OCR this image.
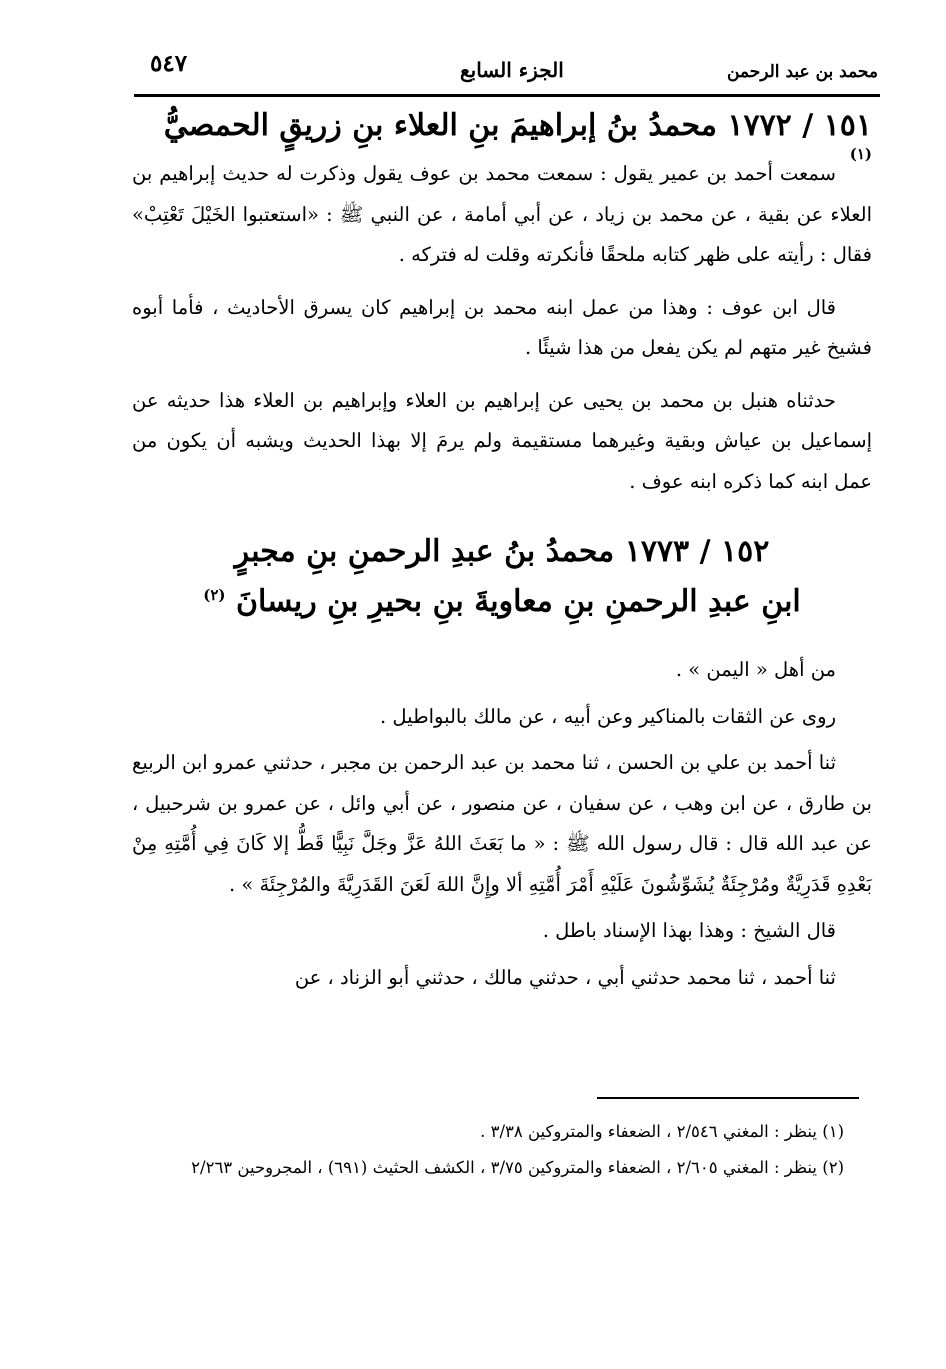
محمد بن عبد الرحمن
الجزء السابع
٥٤٧
١٥١ / ١٧٧٢ محمدُ بنُ إبراهيمَ بنِ العلاء بنِ زريقٍ الحمصيُّ $^{(١)}$

سمعت أحمد بن عمير يقول : سمعت محمد بن عوف يقول وذكرت له حديث إبراهيم بن العلاء عن بقية ، عن محمد بن زياد ، عن أبي أمامة ، عن النبي ﷺ : «استعتبوا الخَيْلَ تَعْتِبْ» فقال : رأيته على ظهر كتابه ملحقًا فأنكرته وقلت له فتركه .

قال ابن عوف : وهذا من عمل ابنه محمد بن إبراهيم كان يسرق الأحاديث ، فأما أبوه فشيخ غير متهم لم يكن يفعل من هذا شيئًا .

حدثناه هنبل بن محمد بن يحيى عن إبراهيم بن العلاء وإبراهيم بن العلاء هذا حديثه عن إسماعيل بن عياش وبقية وغيرهما مستقيمة ولم يرمَ إلا بهذا الحديث ويشبه أن يكون من عمل ابنه كما ذكره ابنه عوف .

١٥٢ / ١٧٧٣ محمدُ بنُ عبدِ الرحمنِ بنِ مجبرٍ
ابنِ عبدِ الرحمنِ بنِ معاويةَ بنِ بحيرِ بنِ ريسانَ $^{(٢)}$

من أهل « اليمن » .

روى عن الثقات بالمناكير وعن أبيه ، عن مالك بالبواطيل .

ثنا أحمد بن علي بن الحسن ، ثنا محمد بن عبد الرحمن بن مجبر ، حدثني عمرو ابن الربيع بن طارق ، عن ابن وهب ، عن سفيان ، عن منصور ، عن أبي وائل ، عن عمرو بن شرحبيل ، عن عبد الله قال : قال رسول الله ﷺ : « ما بَعَثَ اللهُ عَزَّ وجَلَّ نَبِيًّا قَطُّ إلا كَانَ فِي أُمَّتِهِ مِنْ بَعْدِهِ قَدَرِيَّةٌ ومُرْجِئَةٌ يُشَوِّشُونَ عَلَيْهِ أَمْرَ أُمَّتِهِ ألا وإِنَّ اللهَ لَعَنَ القَدَرِيَّةَ والمُرْجِئَةَ » .

قال الشيخ : وهذا بهذا الإسناد باطل .

ثنا أحمد ، ثنا محمد حدثني أبي ، حدثني مالك ، حدثني أبو الزناد ، عن

(١) ينظر : المغني ٢/٥٤٦ ، الضعفاء والمتروكين ٣/٣٨ .

(٢) ينظر : المغني ٢/٦٠٥ ، الضعفاء والمتروكين ٣/٧٥ ، الكشف الحثيث (٦٩١) ، المجروحين ٢/٢٦٣
